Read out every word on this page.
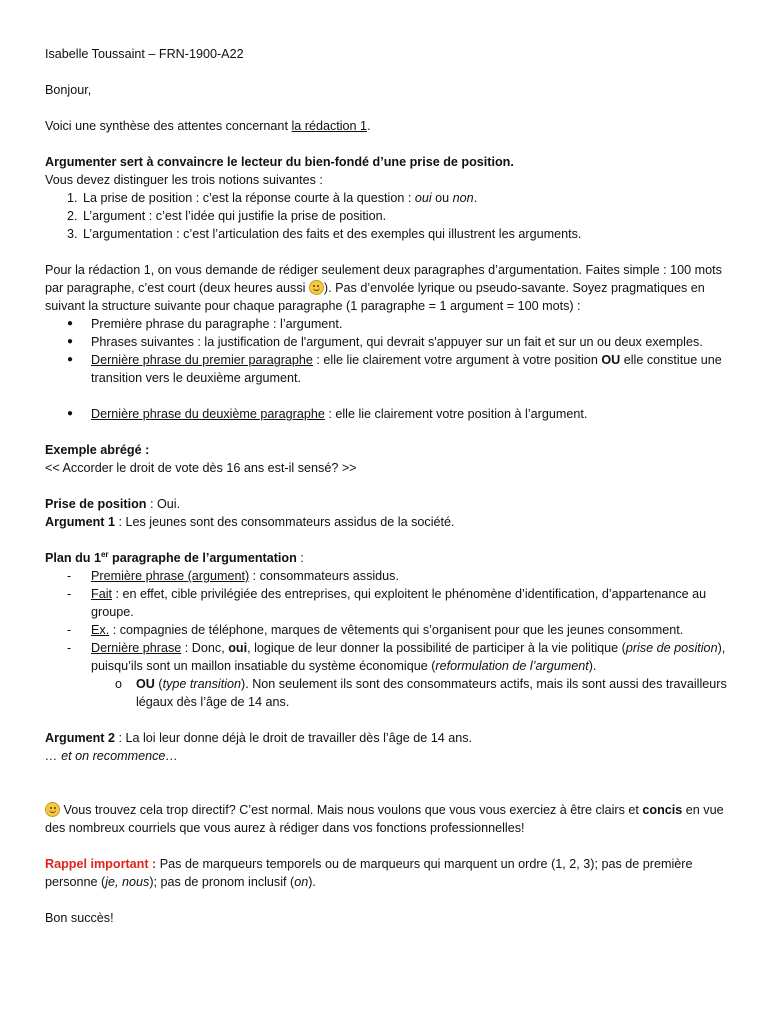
Isabelle Toussaint – FRN-1900-A22

Bonjour,

Voici une synthèse des attentes concernant la rédaction 1.

Argumenter sert à convaincre le lecteur du bien-fondé d’une prise de position.

Vous devez distinguer les trois notions suivantes :

1. La prise de position : c’est la réponse courte à la question : oui ou non.
2. L’argument : c’est l’idée qui justifie la prise de position.
3. L’argumentation : c’est l’articulation des faits et des exemples qui illustrent les arguments.

Pour la rédaction 1, on vous demande de rédiger seulement deux paragraphes d’argumentation. Faites simple : 100 mots par paragraphe, c’est court (deux heures aussi
). Pas d’envolée lyrique ou pseudo-savante. Soyez pragmatiques en suivant la structure suivante pour chaque paragraphe (1 paragraphe = 1 argument = 100 mots) :

● Première phrase du paragraphe : l’argument.
● Phrases suivantes : la justification de l'argument, qui devrait s'appuyer sur un fait et sur un ou deux exemples.
● Dernière phrase du premier paragraphe : elle lie clairement votre argument à votre position OU elle constitue une transition vers le deuxième argument.
● Dernière phrase du deuxième paragraphe : elle lie clairement votre position à l’argument.

Exemple abrégé :

<< Accorder le droit de vote dès 16 ans est-il sensé? >>

Prise de position : Oui.

Argument 1 : Les jeunes sont des consommateurs assidus de la société.

Plan du 1er paragraphe de l’argumentation :

- Première phrase (argument) : consommateurs assidus.
- Fait : en effet, cible privilégiée des entreprises, qui exploitent le phénomène d’identification, d’appartenance au groupe.
- Ex. : compagnies de téléphone, marques de vêtements qui s’organisent pour que les jeunes consomment.
- Dernière phrase : Donc, oui, logique de leur donner la possibilité de participer à la vie politique (prise de position), puisqu’ils sont un maillon insatiable du système économique (reformulation de l’argument).
o OU (type transition). Non seulement ils sont des consommateurs actifs, mais ils sont aussi des travailleurs légaux dès l’âge de 14 ans.

Argument 2 : La loi leur donne déjà le droit de travailler dès l’âge de 14 ans.

… et on recommence…

Vous trouvez cela trop directif? C’est normal. Mais nous voulons que vous vous exerciez à être clairs et concis en vue des nombreux courriels que vous aurez à rédiger dans vos fonctions professionnelles!

Rappel important : Pas de marqueurs temporels ou de marqueurs qui marquent un ordre (1, 2, 3); pas de première personne (je, nous); pas de pronom inclusif (on).

Bon succès!
